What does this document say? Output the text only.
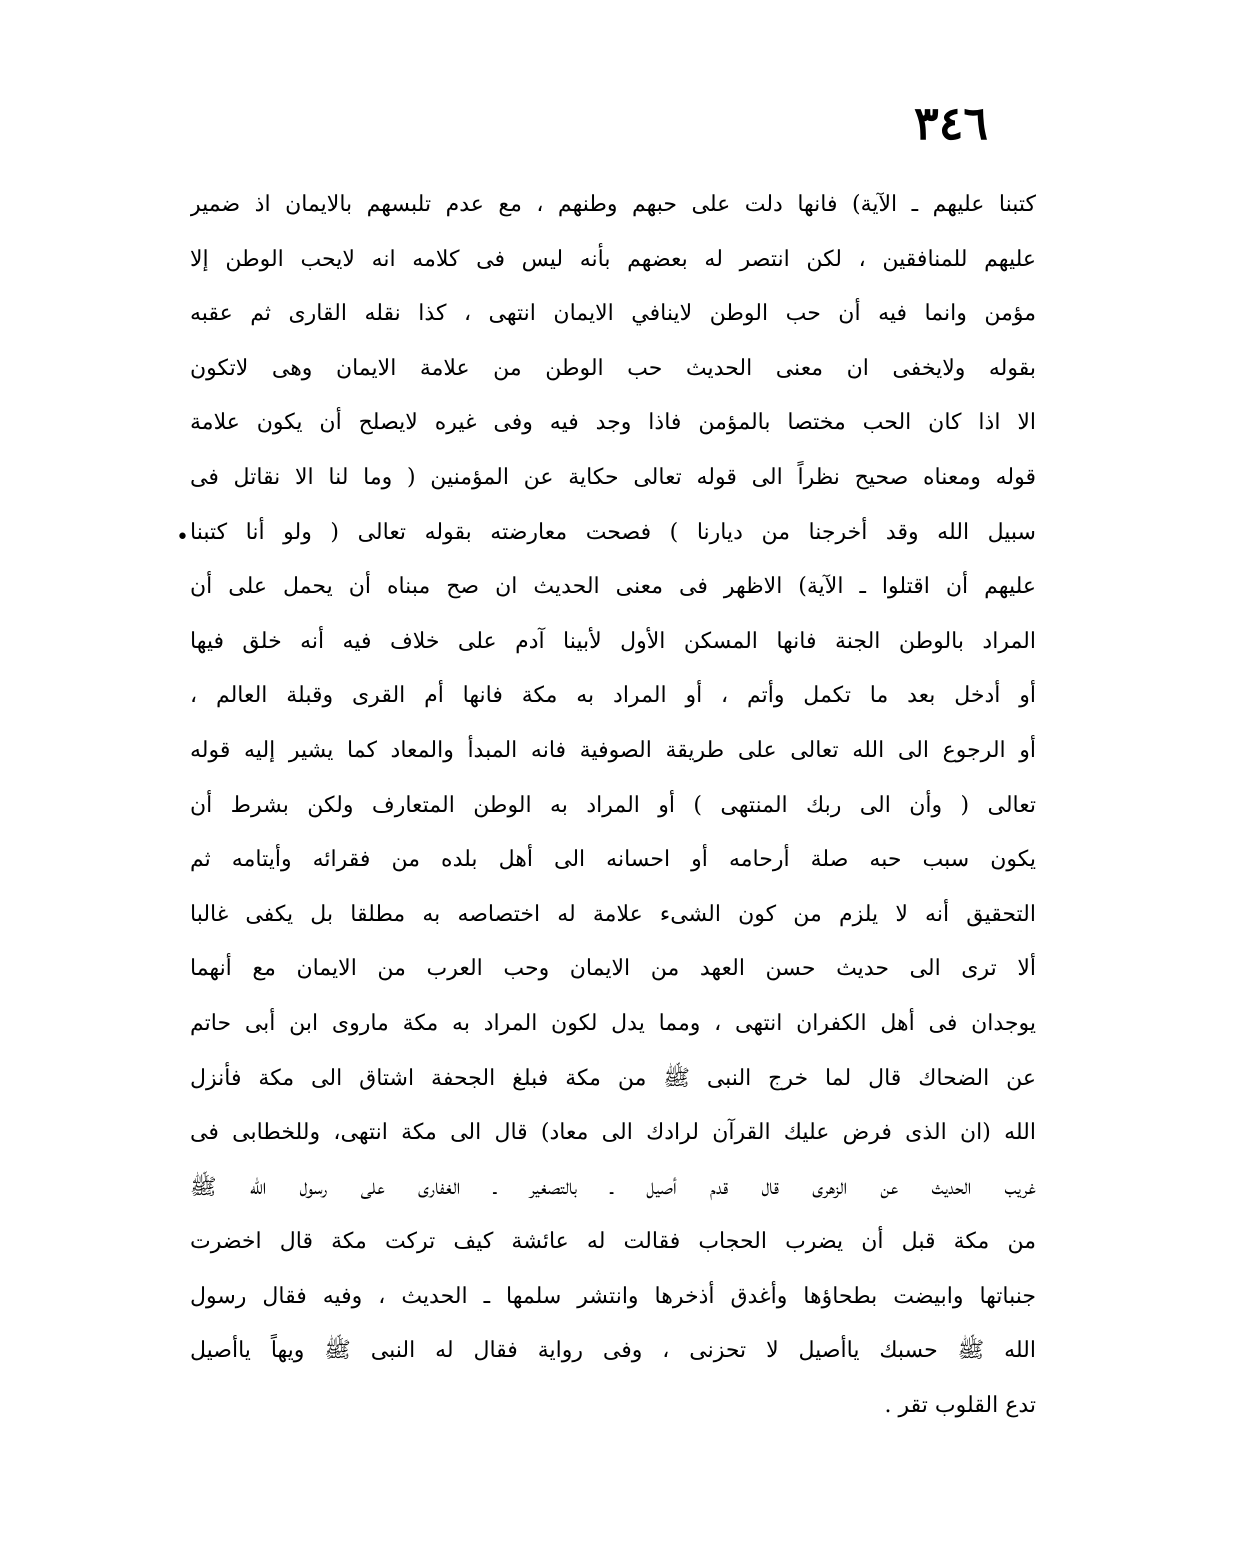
٣٤٦
•
كتبنا عليهم ـ الآية) فانها دلت على حبهم وطنهم ، مع عدم تلبسهم بالايمان اذ ضمير
عليهم للمنافقين ، لكن انتصر له بعضهم بأنه ليس فى كلامه انه لايحب الوطن إلا
مؤمن وانما فيه أن حب الوطن لاينافي الايمان انتهى ، كذا نقله القارى ثم عقبه
بقوله ولايخفى ان معنى الحديث حب الوطن من علامة الايمان وهى لاتكون
الا اذا كان الحب مختصا بالمؤمن فاذا وجد فيه وفى غيره لايصلح أن يكون علامة
قوله ومعناه صحيح نظراً الى قوله تعالى حكاية عن المؤمنين ( وما لنا الا نقاتل فى
سبيل الله وقد أخرجنا من ديارنا ) فصحت معارضته بقوله تعالى ( ولو أنا كتبنا
عليهم أن اقتلوا ـ الآية) الاظهر فى معنى الحديث ان صح مبناه أن يحمل على أن
المراد بالوطن الجنة فانها المسكن الأول لأبينا آدم على خلاف فيه أنه خلق فيها
أو أدخل بعد ما تكمل وأتم ، أو المراد به مكة فانها أم القرى وقبلة العالم ،
أو الرجوع الى الله تعالى على طريقة الصوفية فانه المبدأ والمعاد كما يشير إليه قوله
تعالى ( وأن الى ربك المنتهى ) أو المراد به الوطن المتعارف ولكن بشرط أن
يكون سبب حبه صلة أرحامه أو احسانه الى أهل بلده من فقرائه وأيتامه ثم
التحقيق أنه لا يلزم من كون الشىء علامة له اختصاصه به مطلقا بل يكفى غالبا
ألا ترى الى حديث حسن العهد من الايمان وحب العرب من الايمان مع أنهما
يوجدان فى أهل الكفران انتهى ، ومما يدل لكون المراد به مكة ماروى ابن أبى حاتم
عن الضحاك قال لما خرج النبى ﷺ من مكة فبلغ الجحفة اشتاق الى مكة فأنزل
الله (ان الذى فرض عليك القرآن لرادك الى معاد) قال الى مكة انتهى، وللخطابى فى
غريب الحديث عن الزهرى قال قدم أصيل ـ بالتصغير ـ الغفارى على رسول الله ﷺ
من مكة قبل أن يضرب الحجاب فقالت له عائشة كيف تركت مكة قال اخضرت
جنباتها وابيضت بطحاؤها وأغدق أذخرها وانتشر سلمها ـ الحديث ، وفيه فقال رسول
الله ﷺ حسبك ياأصيل لا تحزنى ، وفى رواية فقال له النبى ﷺ ويهاً ياأصيل
تدع القلوب تقر .
